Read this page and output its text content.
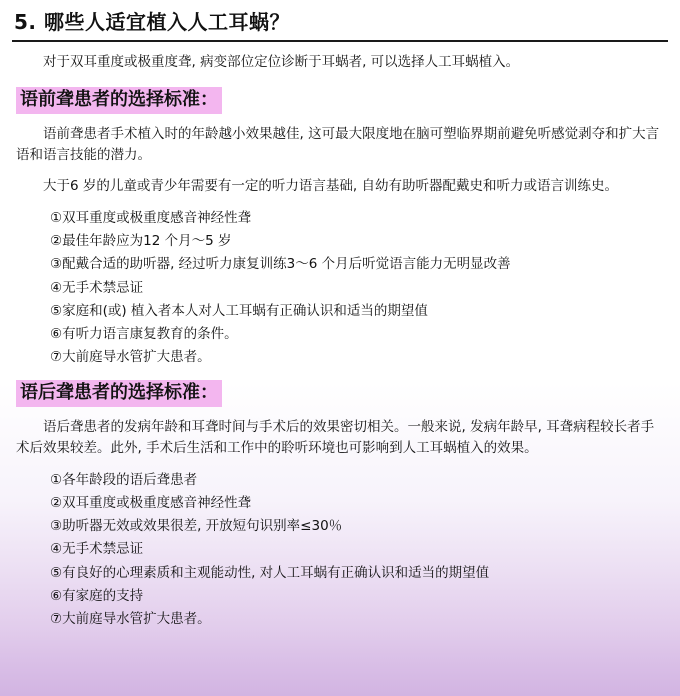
5. 哪些人适宜植入人工耳蜗？

对于双耳重度或极重度聋, 病变部位定位诊断于耳蜗者, 可以选择人工耳蜗植入。

语前聋患者的选择标准：

语前聋患者手术植入时的年龄越小效果越佳, 这可最大限度地在脑可塑临界期前避免听感觉剥夺和扩大言语和语言技能的潜力。

大于6 岁的儿童或青少年需要有一定的听力语言基础, 自幼有助听器配戴史和听力或语言训练史。

①双耳重度或极重度感音神经性聋
②最佳年龄应为12 个月～5 岁
③配戴合适的助听器, 经过听力康复训练3～6 个月后听觉语言能力无明显改善
④无手术禁忌证
⑤家庭和(或) 植入者本人对人工耳蜗有正确认识和适当的期望值
⑥有听力语言康复教育的条件。
⑦大前庭导水管扩大患者。
语后聋患者的选择标准：

语后聋患者的发病年龄和耳聋时间与手术后的效果密切相关。一般来说, 发病年龄早, 耳聋病程较长者手术后效果较差。此外, 手术后生活和工作中的聆听环境也可影响到人工耳蜗植入的效果。

①各年龄段的语后聋患者
②双耳重度或极重度感音神经性聋
③助听器无效或效果很差, 开放短句识别率≤30％
④无手术禁忌证
⑤有良好的心理素质和主观能动性, 对人工耳蜗有正确认识和适当的期望值
⑥有家庭的支持
⑦大前庭导水管扩大患者。
